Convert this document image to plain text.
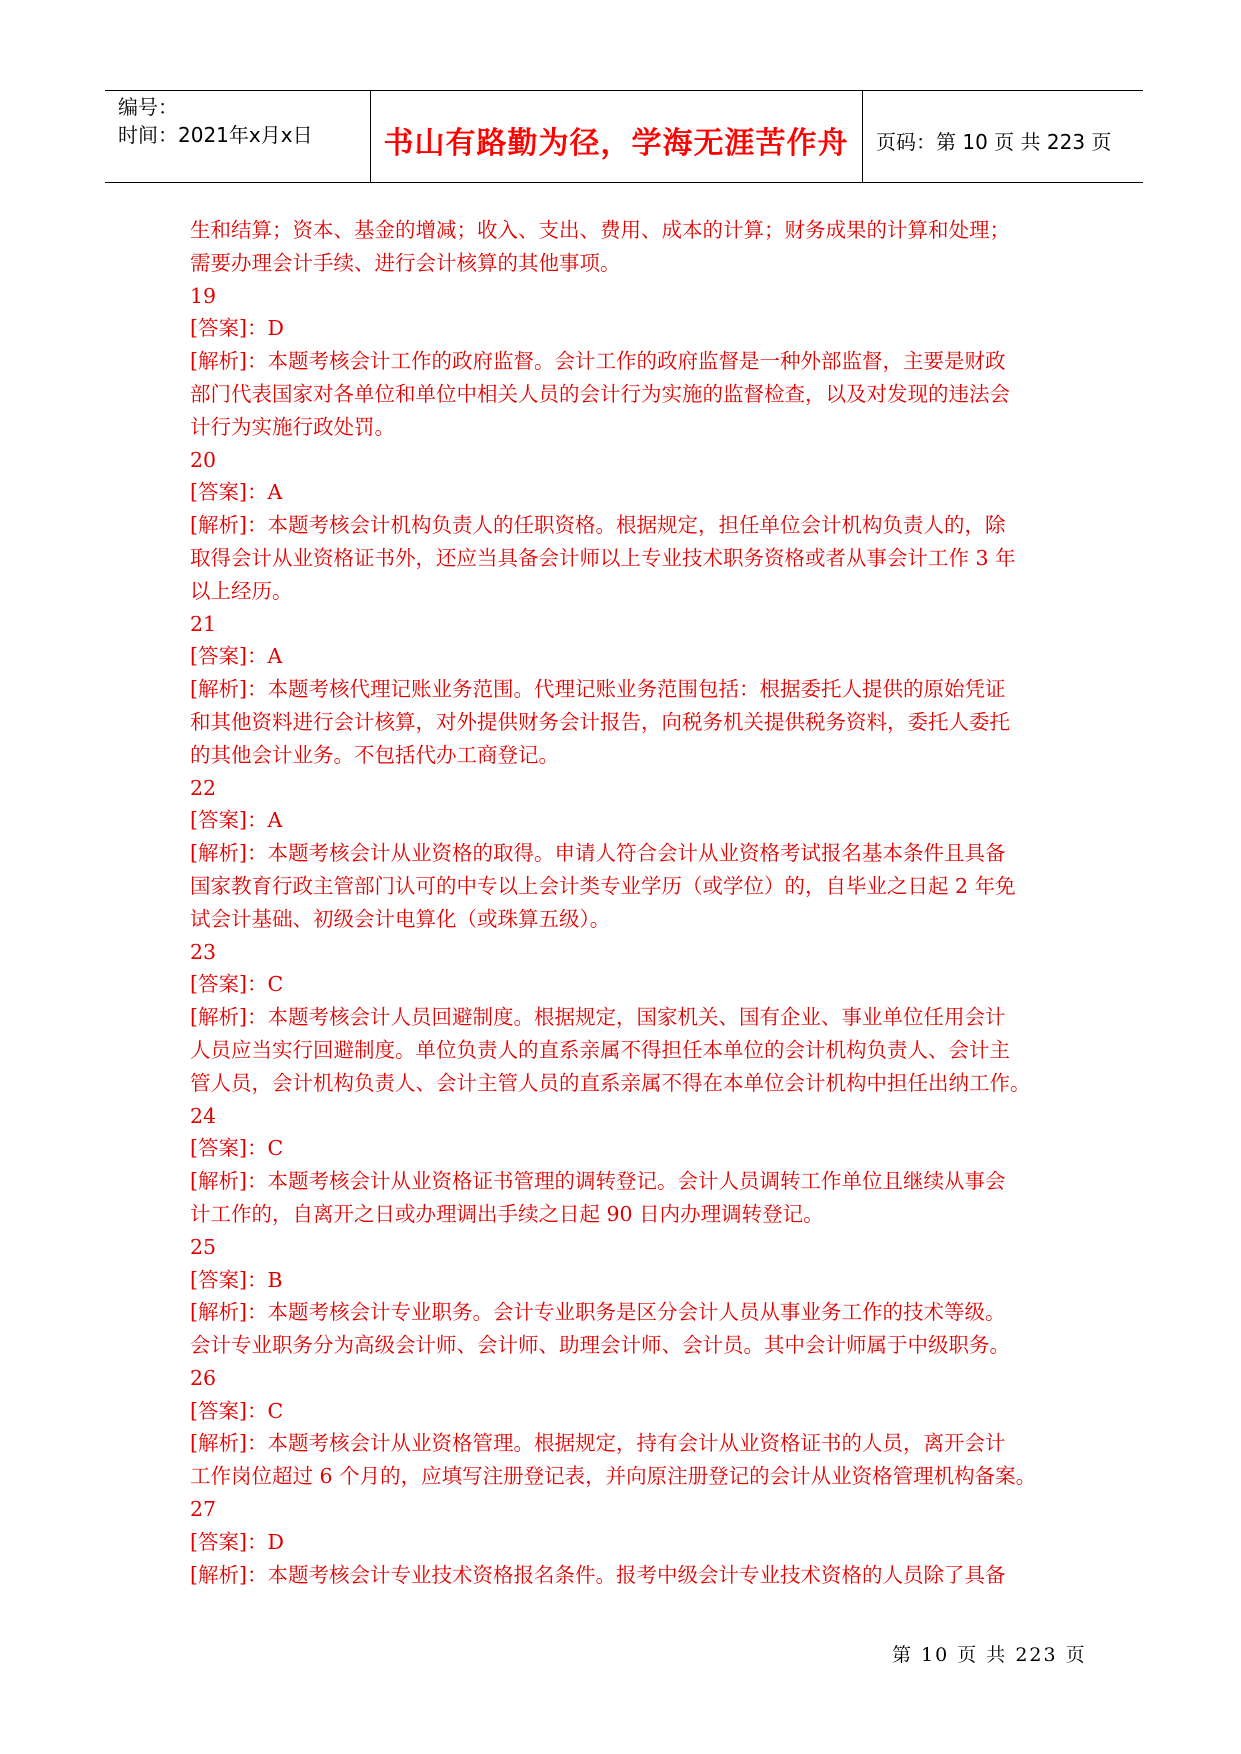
编号：
时间：2021年x月x日	书山有路勤为径，学海无涯苦作舟	页码：第 10 页 共 223 页

生和结算；资本、基金的增减；收入、支出、费用、成本的计算；财务成果的计算和处理；

需要办理会计手续、进行会计核算的其他事项。

19

[答案]：D

[解析]：本题考核会计工作的政府监督。会计工作的政府监督是一种外部监督，主要是财政

部门代表国家对各单位和单位中相关人员的会计行为实施的监督检查，以及对发现的违法会

计行为实施行政处罚。

20

[答案]：A

[解析]：本题考核会计机构负责人的任职资格。根据规定，担任单位会计机构负责人的，除

取得会计从业资格证书外，还应当具备会计师以上专业技术职务资格或者从事会计工作 3 年

以上经历。

21

[答案]：A

[解析]：本题考核代理记账业务范围。代理记账业务范围包括：根据委托人提供的原始凭证

和其他资料进行会计核算，对外提供财务会计报告，向税务机关提供税务资料，委托人委托

的其他会计业务。不包括代办工商登记。

22

[答案]：A

[解析]：本题考核会计从业资格的取得。申请人符合会计从业资格考试报名基本条件且具备

国家教育行政主管部门认可的中专以上会计类专业学历（或学位）的，自毕业之日起 2 年免

试会计基础、初级会计电算化（或珠算五级）。

23

[答案]：C

[解析]：本题考核会计人员回避制度。根据规定，国家机关、国有企业、事业单位任用会计

人员应当实行回避制度。单位负责人的直系亲属不得担任本单位的会计机构负责人、会计主

管人员，会计机构负责人、会计主管人员的直系亲属不得在本单位会计机构中担任出纳工作。

24

[答案]：C

[解析]：本题考核会计从业资格证书管理的调转登记。会计人员调转工作单位且继续从事会

计工作的，自离开之日或办理调出手续之日起 90 日内办理调转登记。

25

[答案]：B

[解析]：本题考核会计专业职务。会计专业职务是区分会计人员从事业务工作的技术等级。

会计专业职务分为高级会计师、会计师、助理会计师、会计员。其中会计师属于中级职务。

26

[答案]：C

[解析]：本题考核会计从业资格管理。根据规定，持有会计从业资格证书的人员，离开会计

工作岗位超过 6 个月的，应填写注册登记表，并向原注册登记的会计从业资格管理机构备案。

27

[答案]：D

[解析]：本题考核会计专业技术资格报名条件。报考中级会计专业技术资格的人员除了具备

第 10 页 共 223 页
